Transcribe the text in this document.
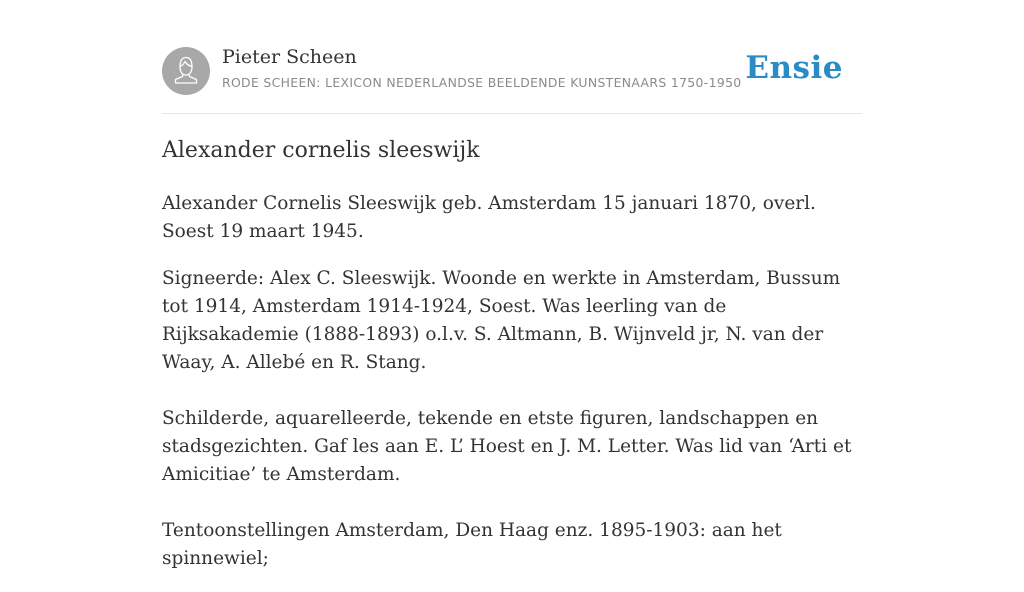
Pieter Scheen
RODE SCHEEN: LEXICON NEDERLANDSE BEELDENDE KUNSTENAARS 1750-1950 Ensie
Alexander cornelis sleeswijk

Alexander Cornelis Sleeswijk geb. Amsterdam 15 januari 1870, overl. Soest 19 maart 1945.

Signeerde: Alex C. Sleeswijk. Woonde en werkte in Amsterdam, Bussum tot 1914, Amsterdam 1914-1924, Soest. Was leerling van de Rijksakademie (1888-1893) o.l.v. S. Altmann, B. Wijnveld jr, N. van der Waay, A. Allebé en R. Stang.

Schilderde, aquarelleerde, tekende en etste figuren, landschappen en stadsgezichten. Gaf les aan E. L’ Hoest en J. M. Letter. Was lid van ‘Arti et Amicitiae’ te Amsterdam.

Tentoonstellingen Amsterdam, Den Haag enz. 1895-1903: aan het spinnewiel;
